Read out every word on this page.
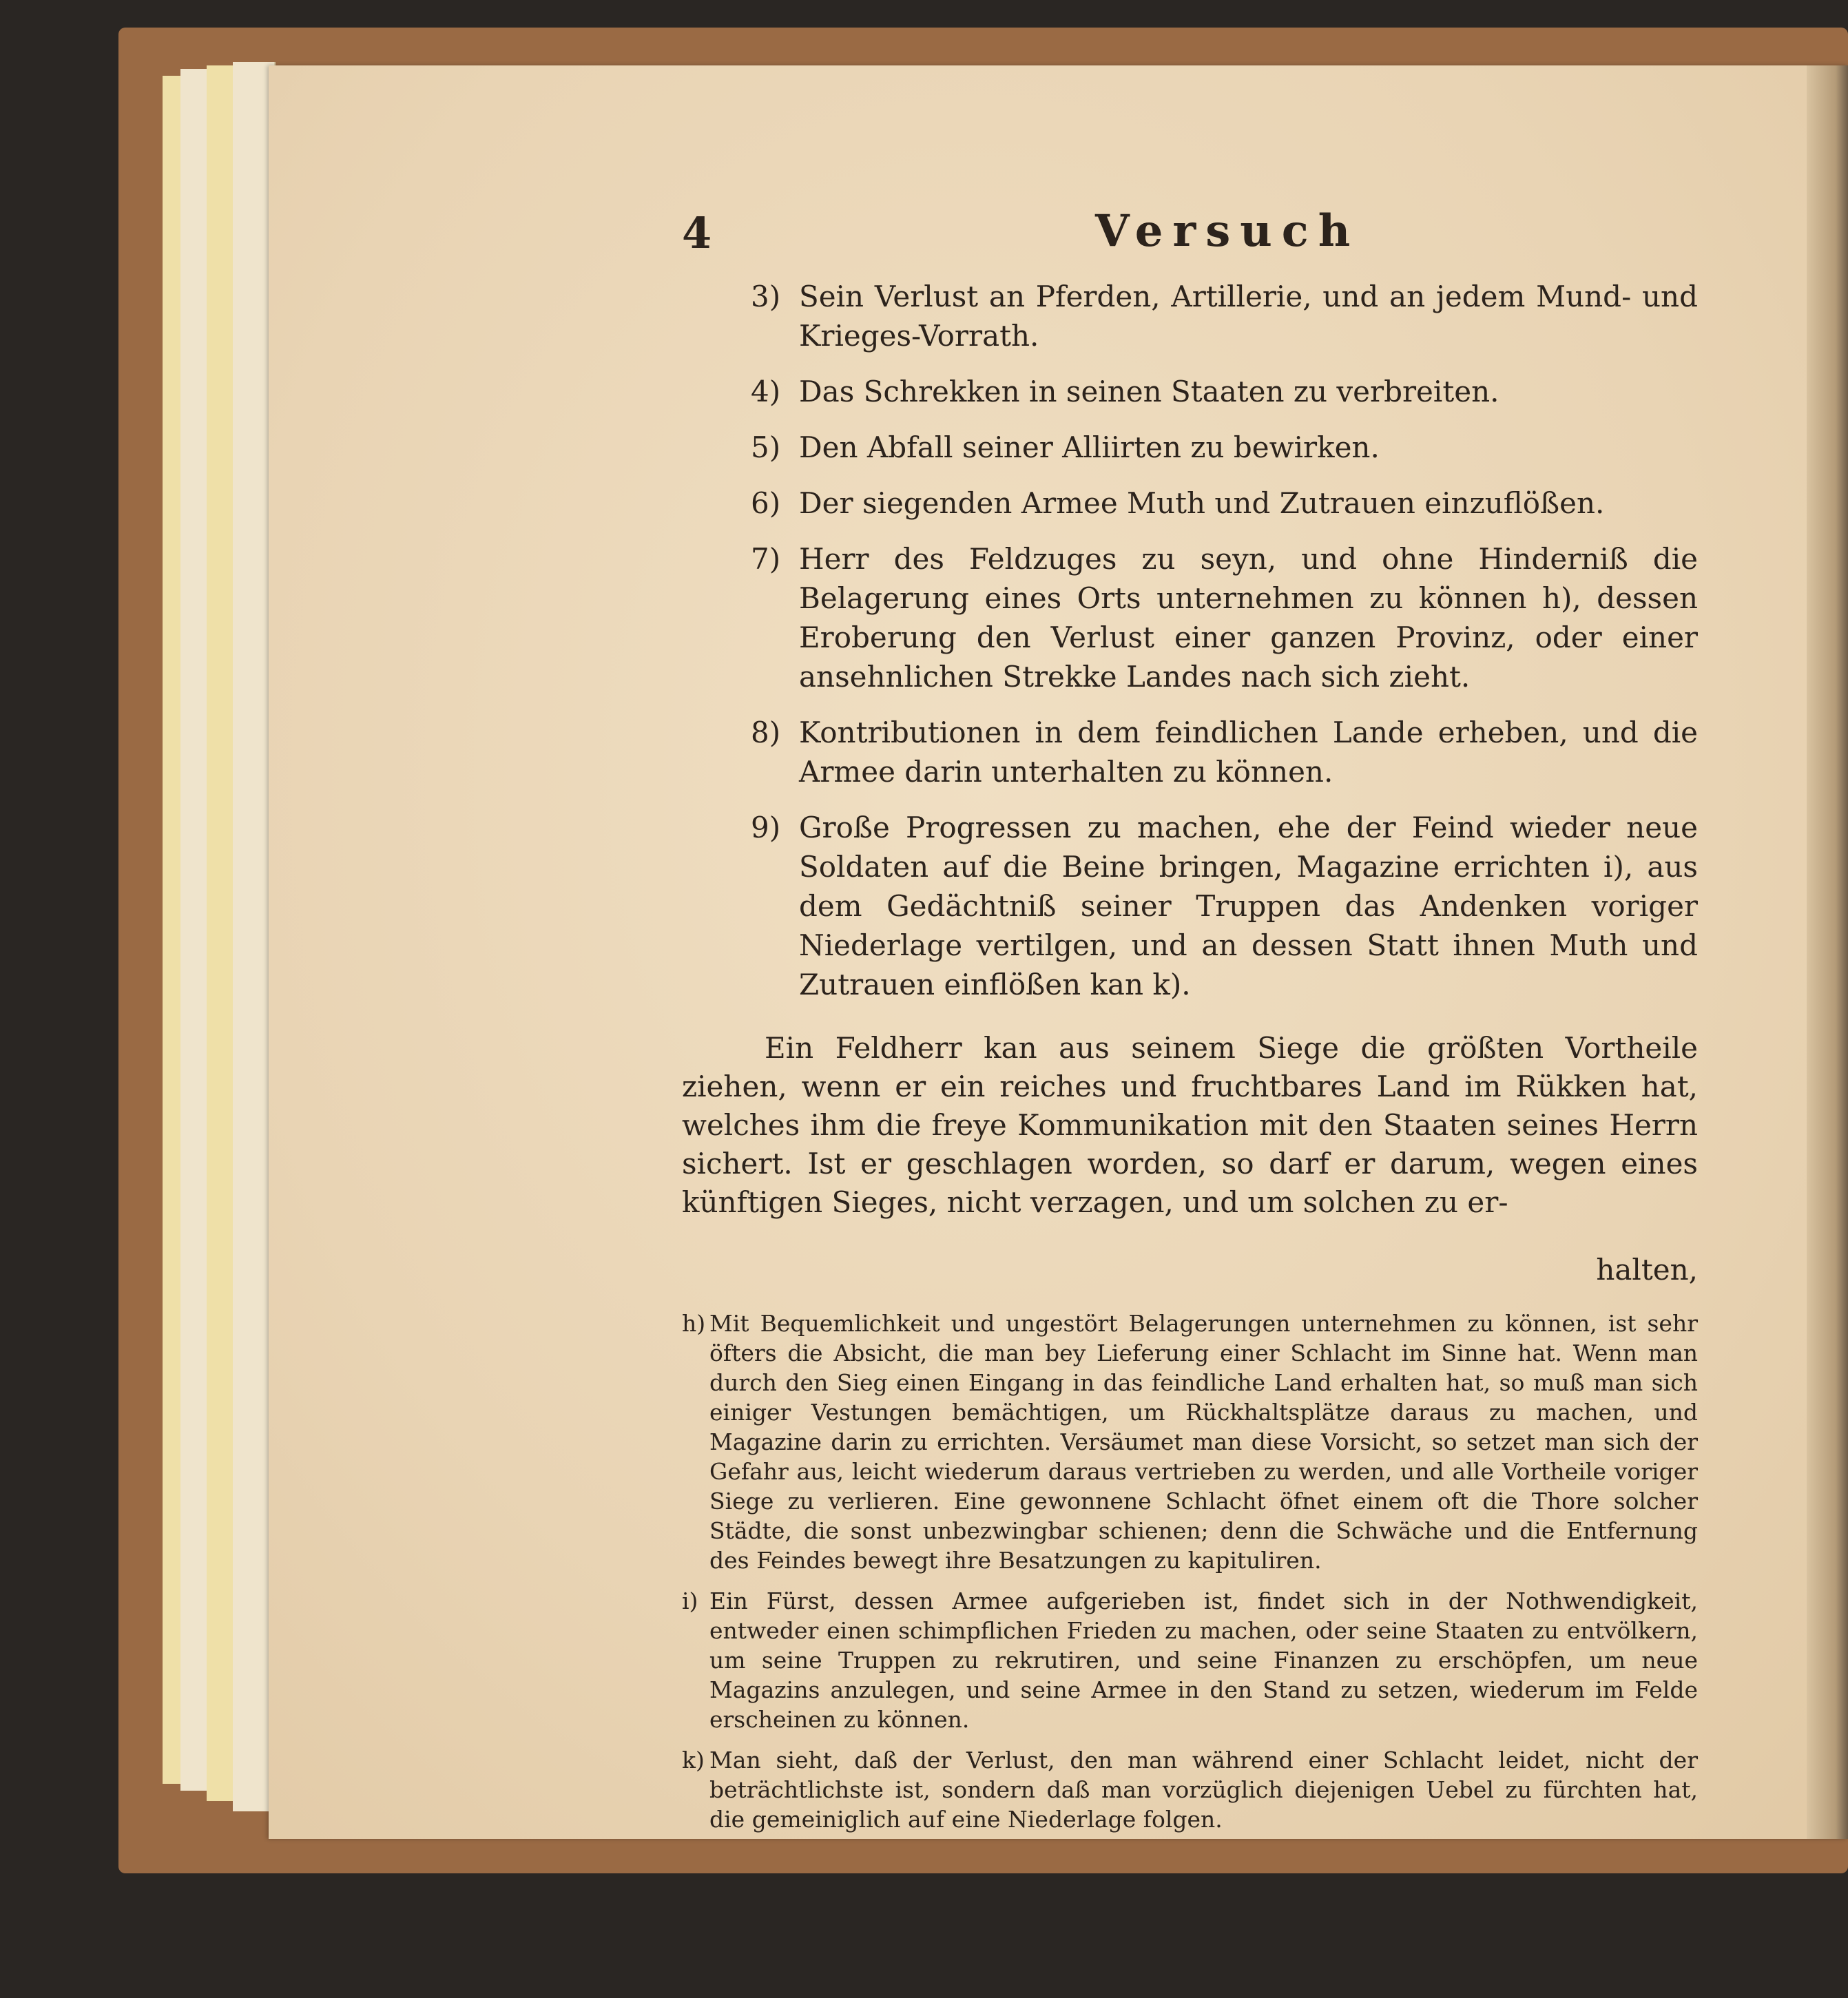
4	Versuch
3) Sein Verlust an Pferden, Artillerie, und an jedem Mund- und Krieges-Vorrath.
4) Das Schrekken in seinen Staaten zu verbreiten.
5) Den Abfall seiner Alliirten zu bewirken.
6) Der siegenden Armee Muth und Zutrauen einzuflößen.
7) Herr des Feldzuges zu seyn, und ohne Hinderniß die Belagerung eines Orts unternehmen zu können h), dessen Eroberung den Verlust einer ganzen Provinz, oder einer ansehnlichen Strekke Landes nach sich zieht.
8) Kontributionen in dem feindlichen Lande erheben, und die Armee darin unterhalten zu können.
9) Große Progressen zu machen, ehe der Feind wieder neue Soldaten auf die Beine bringen, Magazine errichten i), aus dem Gedächtniß seiner Truppen das Andenken voriger Niederlage vertilgen, und an dessen Statt ihnen Muth und Zutrauen einflößen kan k).

Ein Feldherr kan aus seinem Siege die größten Vortheile ziehen, wenn er ein reiches und fruchtbares Land im Rükken hat, welches ihm die freye Kommunikation mit den Staaten seines Herrn sichert. Ist er geschlagen worden, so darf er darum, wegen eines künftigen Sieges, nicht verzagen, und um solchen zu er-

halten,
h) Mit Bequemlichkeit und ungestört Belagerungen unternehmen zu können, ist sehr öfters die Absicht, die man bey Lieferung einer Schlacht im Sinne hat. Wenn man durch den Sieg einen Eingang in das feindliche Land erhalten hat, so muß man sich einiger Vestungen bemächtigen, um Rückhaltsplätze daraus zu machen, und Magazine darin zu errichten. Versäumet man diese Vorsicht, so setzet man sich der Gefahr aus, leicht wiederum daraus vertrieben zu werden, und alle Vortheile voriger Siege zu verlieren. Eine gewonnene Schlacht öfnet einem oft die Thore solcher Städte, die sonst unbezwingbar schienen; denn die Schwäche und die Entfernung des Feindes bewegt ihre Besatzungen zu kapituliren.
i) Ein Fürst, dessen Armee aufgerieben ist, findet sich in der Nothwendigkeit, entweder einen schimpflichen Frieden zu machen, oder seine Staaten zu entvölkern, um seine Truppen zu rekrutiren, und seine Finanzen zu erschöpfen, um neue Magazins anzulegen, und seine Armee in den Stand zu setzen, wiederum im Felde erscheinen zu können.
k) Man sieht, daß der Verlust, den man während einer Schlacht leidet, nicht der beträchtlichste ist, sondern daß man vorzüglich diejenigen Uebel zu fürchten hat, die gemeiniglich auf eine Niederlage folgen.
